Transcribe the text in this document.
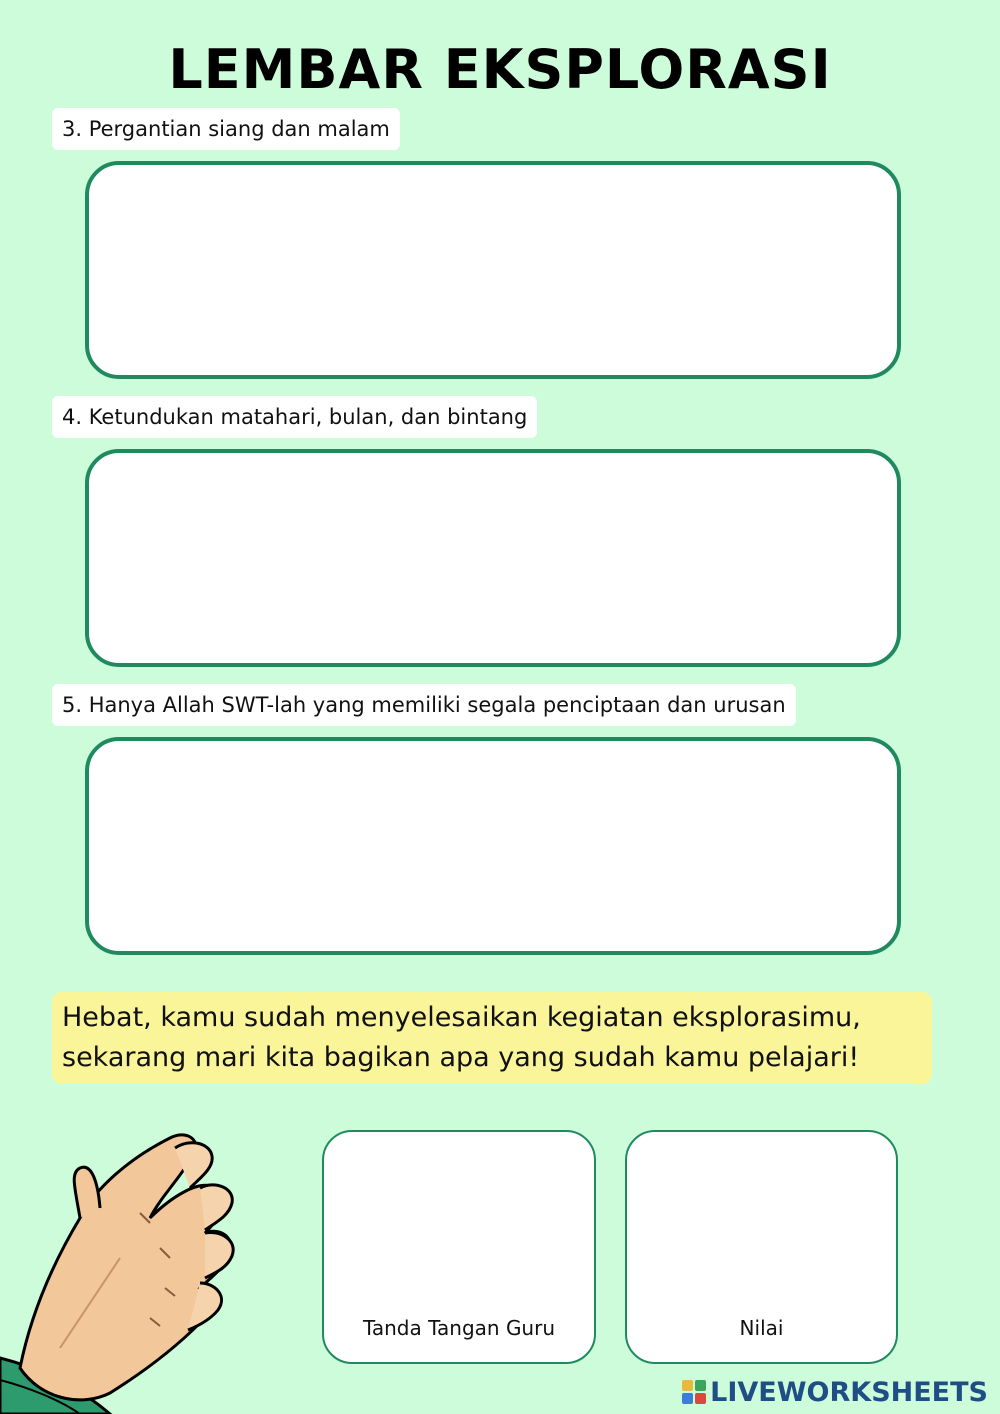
LEMBAR EKSPLORASI
3. Pergantian siang dan malam
4. Ketundukan matahari, bulan, dan bintang
5. Hanya Allah SWT-lah yang memiliki segala penciptaan dan urusan
Hebat, kamu sudah menyelesaikan kegiatan eksplorasimu,
sekarang mari kita bagikan apa yang sudah kamu pelajari!
Tanda Tangan Guru	Nilai
LIVEWORKSHEETS
